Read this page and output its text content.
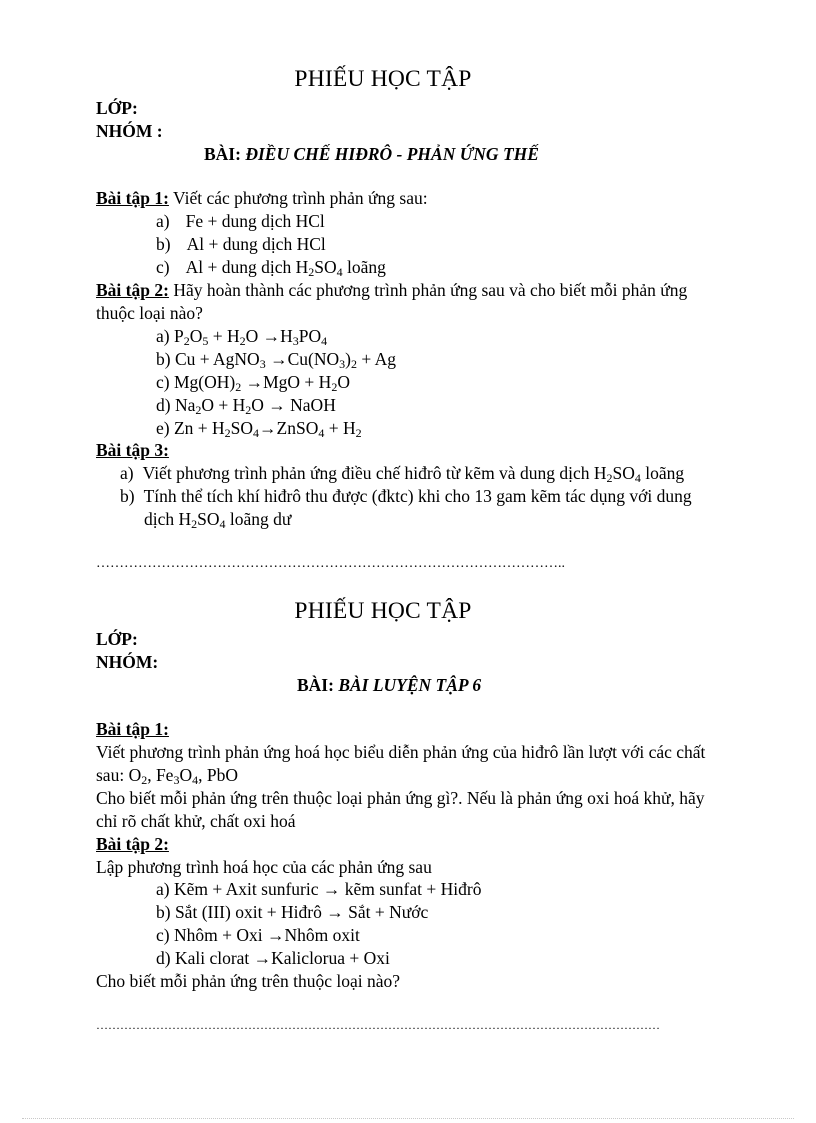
PHIẾU HỌC TẬP
LỚP:
NHÓM :
BÀI: ĐIỀU CHẾ HIĐRÔ - PHẢN ỨNG THẾ
Bài tập 1: Viết các phương trình phản ứng sau:
a) Fe + dung dịch HCl
b) Al + dung dịch HCl
c) Al + dung dịch $H_2SO_4$ loãng
Bài tập 2: Hãy hoàn thành các phương trình phản ứng sau và cho biết mỗi phản ứng
thuộc loại nào?
a) $P_2O_5 + H_2O \to H_3PO_4$
b) Cu + AgNO$_3$ $\to Cu(NO_3)_2 + Ag$
c) $Mg(OH)_2 \to MgO + H_2O$
d) $Na_2O + H_2O$ → NaOH
e) $Zn + H_2SO_4\to ZnSO_4 + H_2$
Bài tập 3:
a) Viết phương trình phản ứng điều chế hiđrô từ kẽm và dung dịch $H_2SO_4$ loãng
b) Tính thể tích khí hiđrô thu được (đktc) khi cho 13 gam kẽm tác dụng với dung
dịch $H_2SO_4$ loãng dư
………………………………………………………………………………………..
PHIẾU HỌC TẬP
LỚP:
NHÓM:
BÀI: BÀI LUYỆN TẬP 6
Bài tập 1:
Viết phương trình phản ứng hoá học biểu diễn phản ứng của hiđrô lần lượt với các chất
sau: $O_2$, $Fe_3O_4$, PbO
Cho biết mỗi phản ứng trên thuộc loại phản ứng gì?. Nếu là phản ứng oxi hoá khử, hãy
chỉ rõ chất khử, chất oxi hoá
Bài tập 2:
Lập phương trình hoá học của các phản ứng sau
a) Kẽm + Axit sunfuric → kẽm sunfat + Hiđrô
b) Sắt (III) oxit + Hiđrô → Sắt + Nước
c) Nhôm + Oxi →Nhôm oxit
d) Kali clorat →Kaliclorua + Oxi
Cho biết mỗi phản ứng trên thuộc loại nào?
……………………………………………………………………………………………………………………………
